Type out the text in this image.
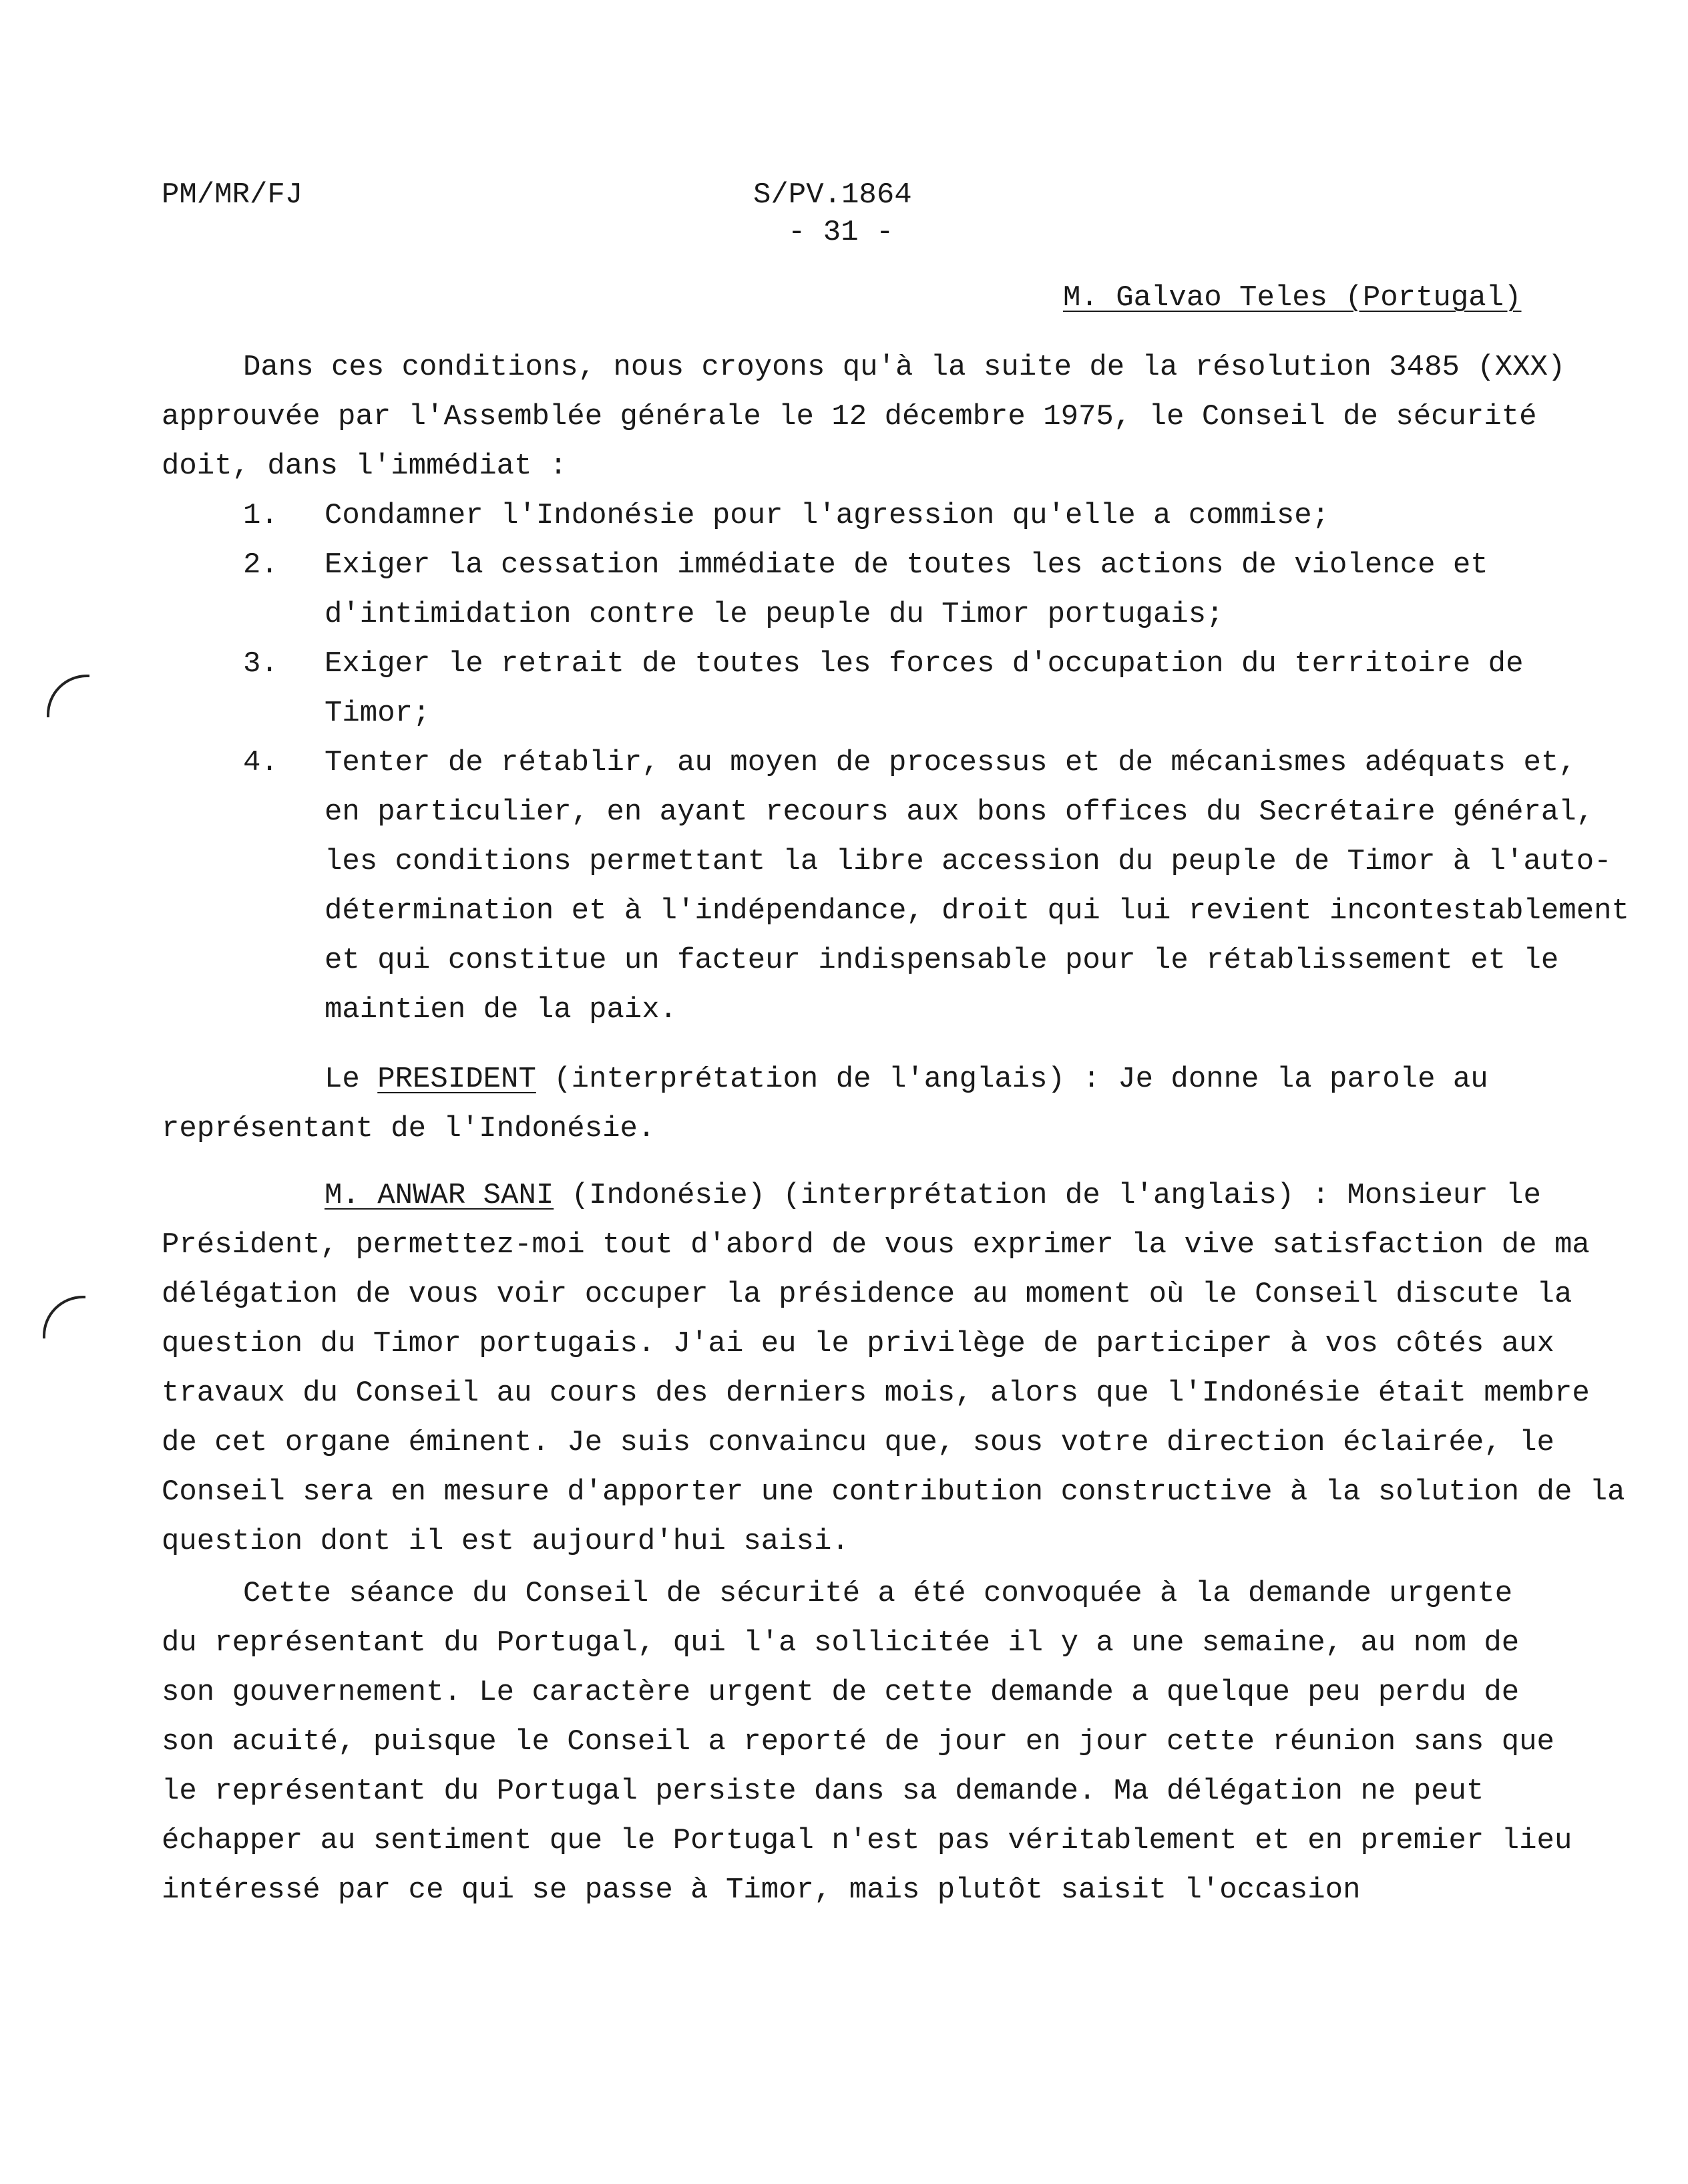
PM/MR/FJ	S/PV.1864
- 31 -
M. Galvao Teles (Portugal)
Dans ces conditions, nous croyons qu'à la suite de la résolution 3485 (XXX)
approuvée par l'Assemblée générale le 12 décembre 1975, le Conseil de sécurité
doit, dans l'immédiat :
1. Condamner l'Indonésie pour l'agression qu'elle a commise;
2. Exiger la cessation immédiate de toutes les actions de violence et
d'intimidation contre le peuple du Timor portugais;
3. Exiger le retrait de toutes les forces d'occupation du territoire de
Timor;
4. Tenter de rétablir, au moyen de processus et de mécanismes adéquats et,
en particulier, en ayant recours aux bons offices du Secrétaire général,
les conditions permettant la libre accession du peuple de Timor à l'auto-
détermination et à l'indépendance, droit qui lui revient incontestablement
et qui constitue un facteur indispensable pour le rétablissement et le
maintien de la paix.
Le PRESIDENT (interprétation de l'anglais) : Je donne la parole au
représentant de l'Indonésie.
M. ANWAR SANI (Indonésie) (interprétation de l'anglais) : Monsieur le
Président, permettez-moi tout d'abord de vous exprimer la vive satisfaction de ma
délégation de vous voir occuper la présidence au moment où le Conseil discute la
question du Timor portugais. J'ai eu le privilège de participer à vos côtés aux
travaux du Conseil au cours des derniers mois, alors que l'Indonésie était membre
de cet organe éminent. Je suis convaincu que, sous votre direction éclairée, le
Conseil sera en mesure d'apporter une contribution constructive à la solution de la
question dont il est aujourd'hui saisi.
Cette séance du Conseil de sécurité a été convoquée à la demande urgente
du représentant du Portugal, qui l'a sollicitée il y a une semaine, au nom de
son gouvernement. Le caractère urgent de cette demande a quelque peu perdu de
son acuité, puisque le Conseil a reporté de jour en jour cette réunion sans que
le représentant du Portugal persiste dans sa demande. Ma délégation ne peut
échapper au sentiment que le Portugal n'est pas véritablement et en premier lieu
intéressé par ce qui se passe à Timor, mais plutôt saisit l'occasion
